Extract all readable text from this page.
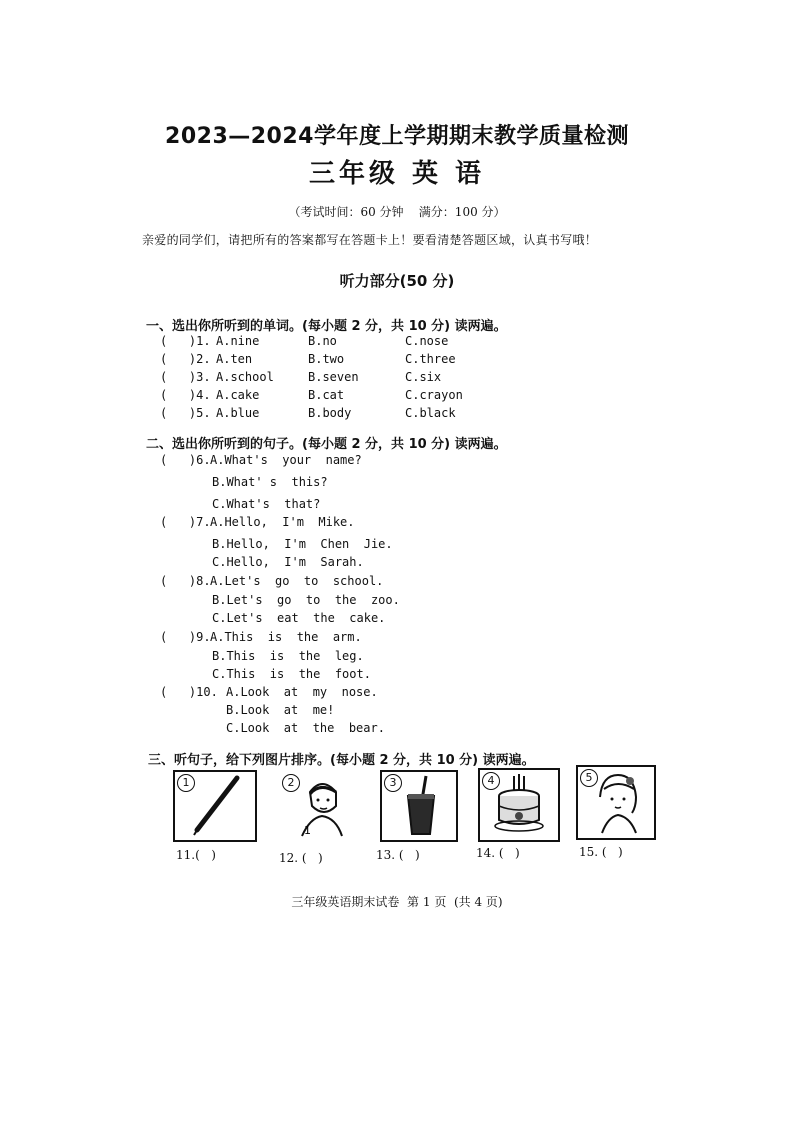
2023—2024学年度上学期期末教学质量检测
三年级 英 语
（考试时间：60 分钟    满分：100 分）
亲爱的同学们，请把所有的答案都写在答题卡上！要看清楚答题区域，认真书写哦！
听力部分(50 分)
一、选出你所听到的单词。(每小题 2 分，共 10 分) 读两遍。
(   )1. A.nine	B.no	C.nose
(   )2. A.ten	B.two	C.three
(   )3. A.school	B.seven	C.six
(   )4. A.cake	B.cat	C.crayon
(   )5. A.blue	B.body	C.black
二、选出你所听到的句子。(每小题 2 分，共 10 分) 读两遍。
(   )6. A.What's  your  name?
B.What' s  this?
C.What's  that?
(   )7. A.Hello,  I'm  Mike.
B.Hello,  I'm  Chen  Jie.
C.Hello,  I'm  Sarah.
(   )8. A.Let's  go  to  school.
B.Let's  go  to  the  zoo.
C.Let's  eat  the  cake.
(   )9. A.This  is  the  arm.
B.This  is  the  leg.
C.This  is  the  foot.
(   )10. A.Look  at  my  nose.
B.Look  at  me!
C.Look  at  the  bear.
三、听句子，给下列图片排序。(每小题 2 分，共 10 分) 读两遍。
1
11.(   )
2
1
12. (   )
3
13. (   )
4
14. (   )
5
15. (   )
三年级英语期末试卷  第 1 页  (共 4 页)
